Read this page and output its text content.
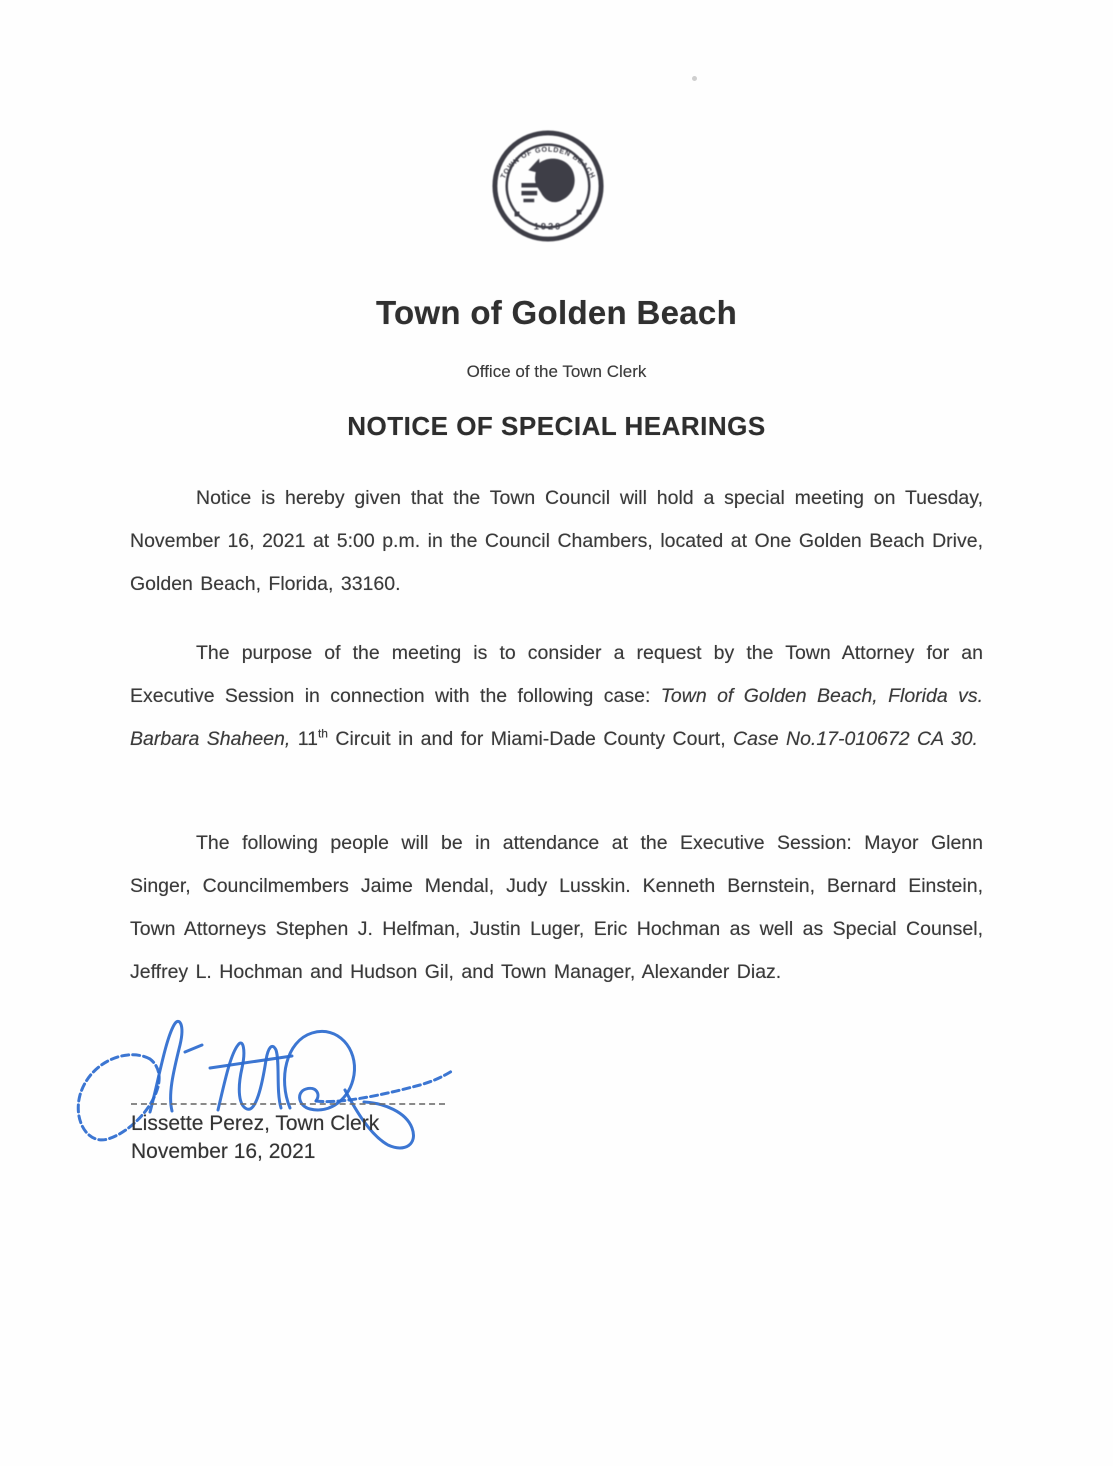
TOWN OF GOLDEN BEACH
1929
Town of Golden Beach
Office of the Town Clerk
NOTICE OF SPECIAL HEARINGS

Notice is hereby given that the Town Council will hold a special meeting on Tuesday, November 16, 2021 at 5:00 p.m. in the Council Chambers, located at One Golden Beach Drive, Golden Beach, Florida, 33160.

The purpose of the meeting is to consider a request by the Town Attorney for an Executive Session in connection with the following case: Town of Golden Beach, Florida vs. Barbara Shaheen, 11th Circuit in and for Miami-Dade County Court, Case No.17-010672 CA 30.

The following people will be in attendance at the Executive Session: Mayor Glenn Singer, Councilmembers Jaime Mendal, Judy Lusskin. Kenneth Bernstein, Bernard Einstein, Town Attorneys Stephen J. Helfman, Justin Luger, Eric Hochman as well as Special Counsel, Jeffrey L. Hochman and Hudson Gil, and Town Manager, Alexander Diaz.

Lissette Perez, Town Clerk
November 16, 2021
